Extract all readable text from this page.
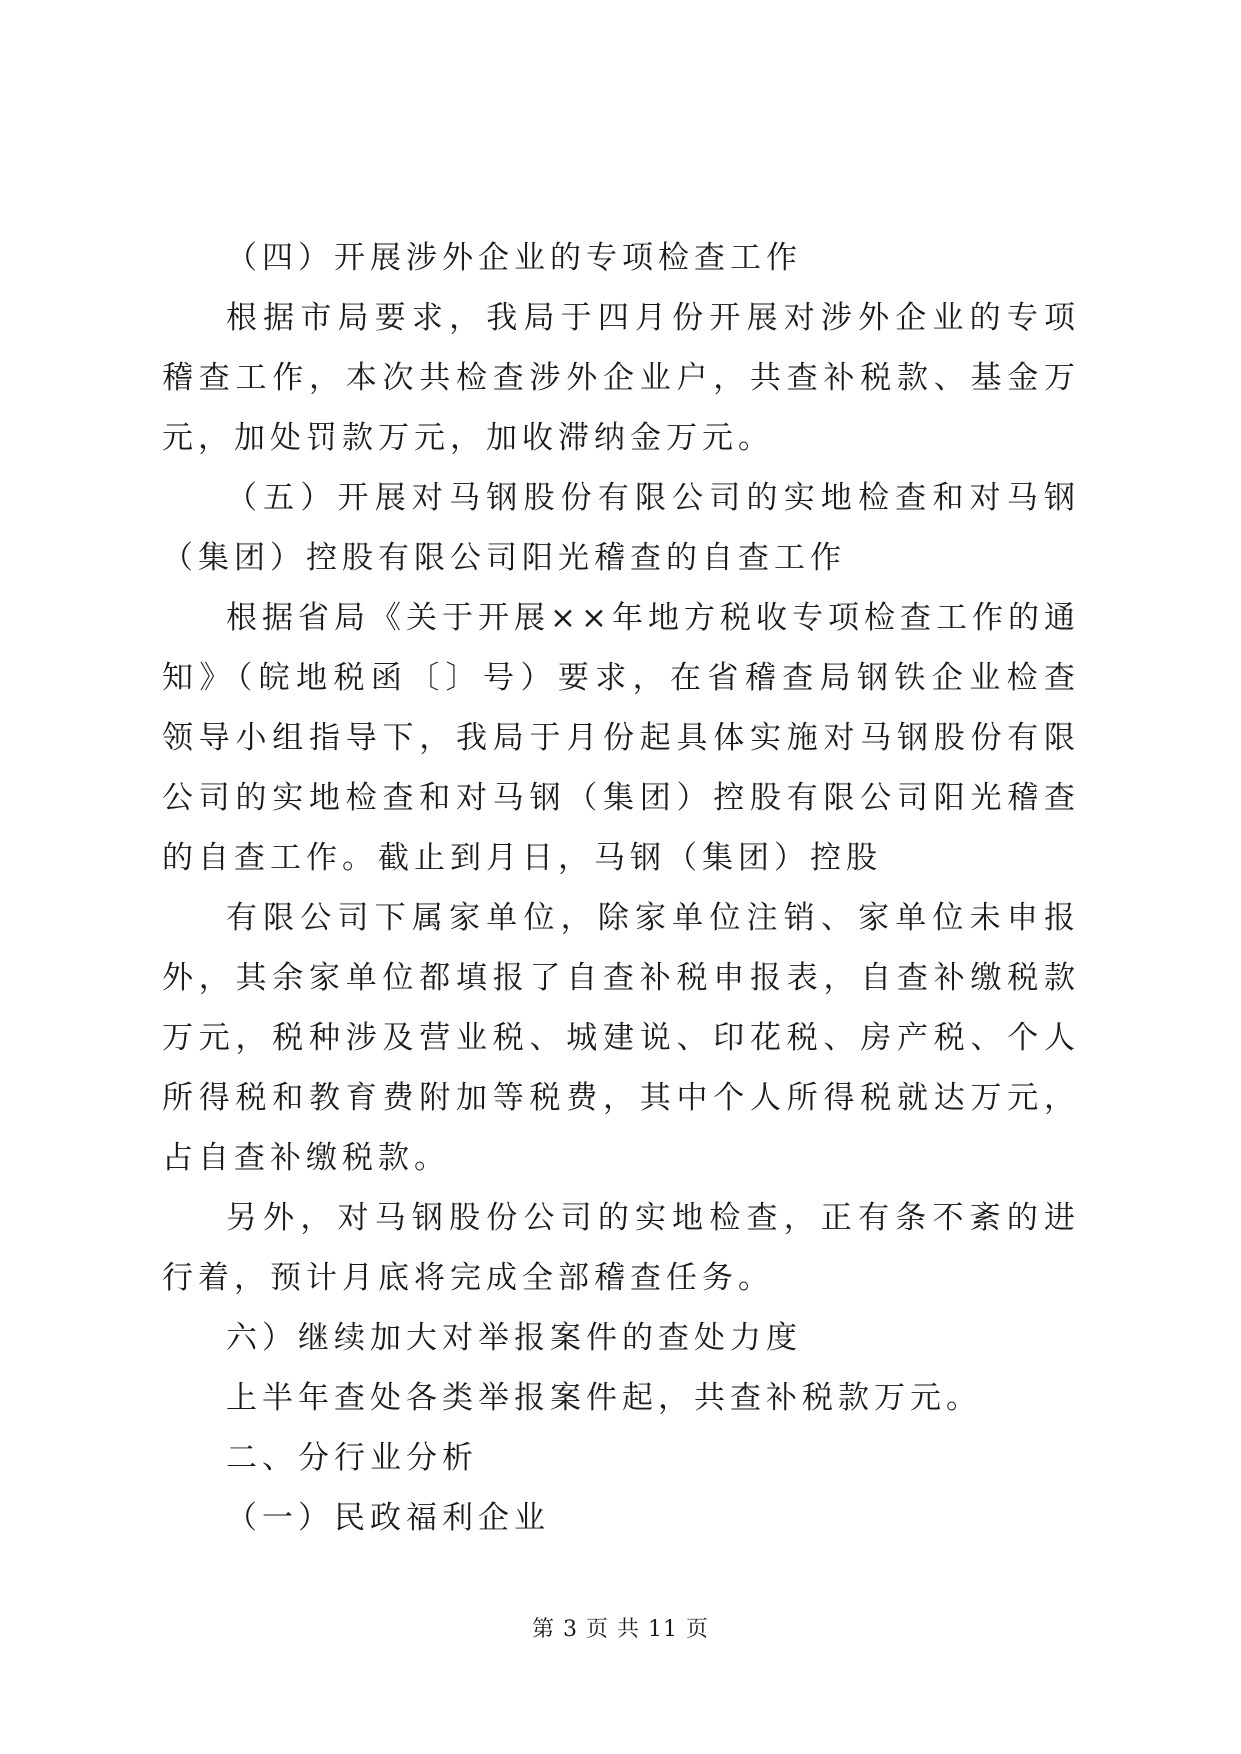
（四）开展涉外企业的专项检查工作

根据市局要求，我局于四月份开展对涉外企业的专项稽查工作，本次共检查涉外企业户，共查补税款、基金万元，加处罚款万元，加收滞纳金万元。

（五）开展对马钢股份有限公司的实地检查和对马钢（集团）控股有限公司阳光稽查的自查工作

根据省局《关于开展××年地方税收专项检查工作的通知》（皖地税函〔〕号）要求，在省稽查局钢铁企业检查领导小组指导下，我局于月份起具体实施对马钢股份有限公司的实地检查和对马钢（集团）控股有限公司阳光稽查的自查工作。截止到月日，马钢（集团）控股

有限公司下属家单位，除家单位注销、家单位未申报外，其余家单位都填报了自查补税申报表，自查补缴税款万元，税种涉及营业税、城建说、印花税、房产税、个人所得税和教育费附加等税费，其中个人所得税就达万元，占自查补缴税款。

另外，对马钢股份公司的实地检查，正有条不紊的进行着，预计月底将完成全部稽查任务。

六）继续加大对举报案件的查处力度

上半年查处各类举报案件起，共查补税款万元。

二、分行业分析

（一）民政福利企业

第 3 页 共 11 页
